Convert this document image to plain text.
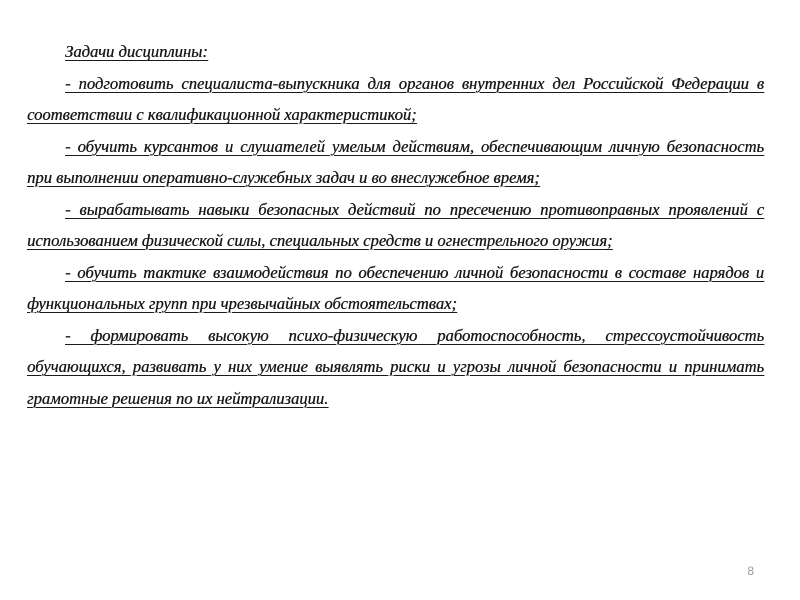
Задачи дисциплины:

- подготовить специалиста-выпускника для органов внутренних дел Российской Федерации в соответствии с квалификационной характеристикой;

- обучить курсантов и слушателей умелым действиям, обеспечивающим личную безопасность при выполнении оперативно-служебных задач и во внеслужебное время;

- вырабатывать навыки безопасных действий по пресечению противоправных проявлений с использованием физической силы, специальных средств и огнестрельного оружия;

- обучить тактике взаимодействия по обеспечению личной безопасности в составе нарядов и функциональных групп при чрезвычайных обстоятельствах;

- формировать высокую психо-физическую работоспособность, стрессоустойчивость обучающихся, развивать у них умение выявлять риски и угрозы личной безопасности и принимать грамотные решения по их нейтрализации.

8
